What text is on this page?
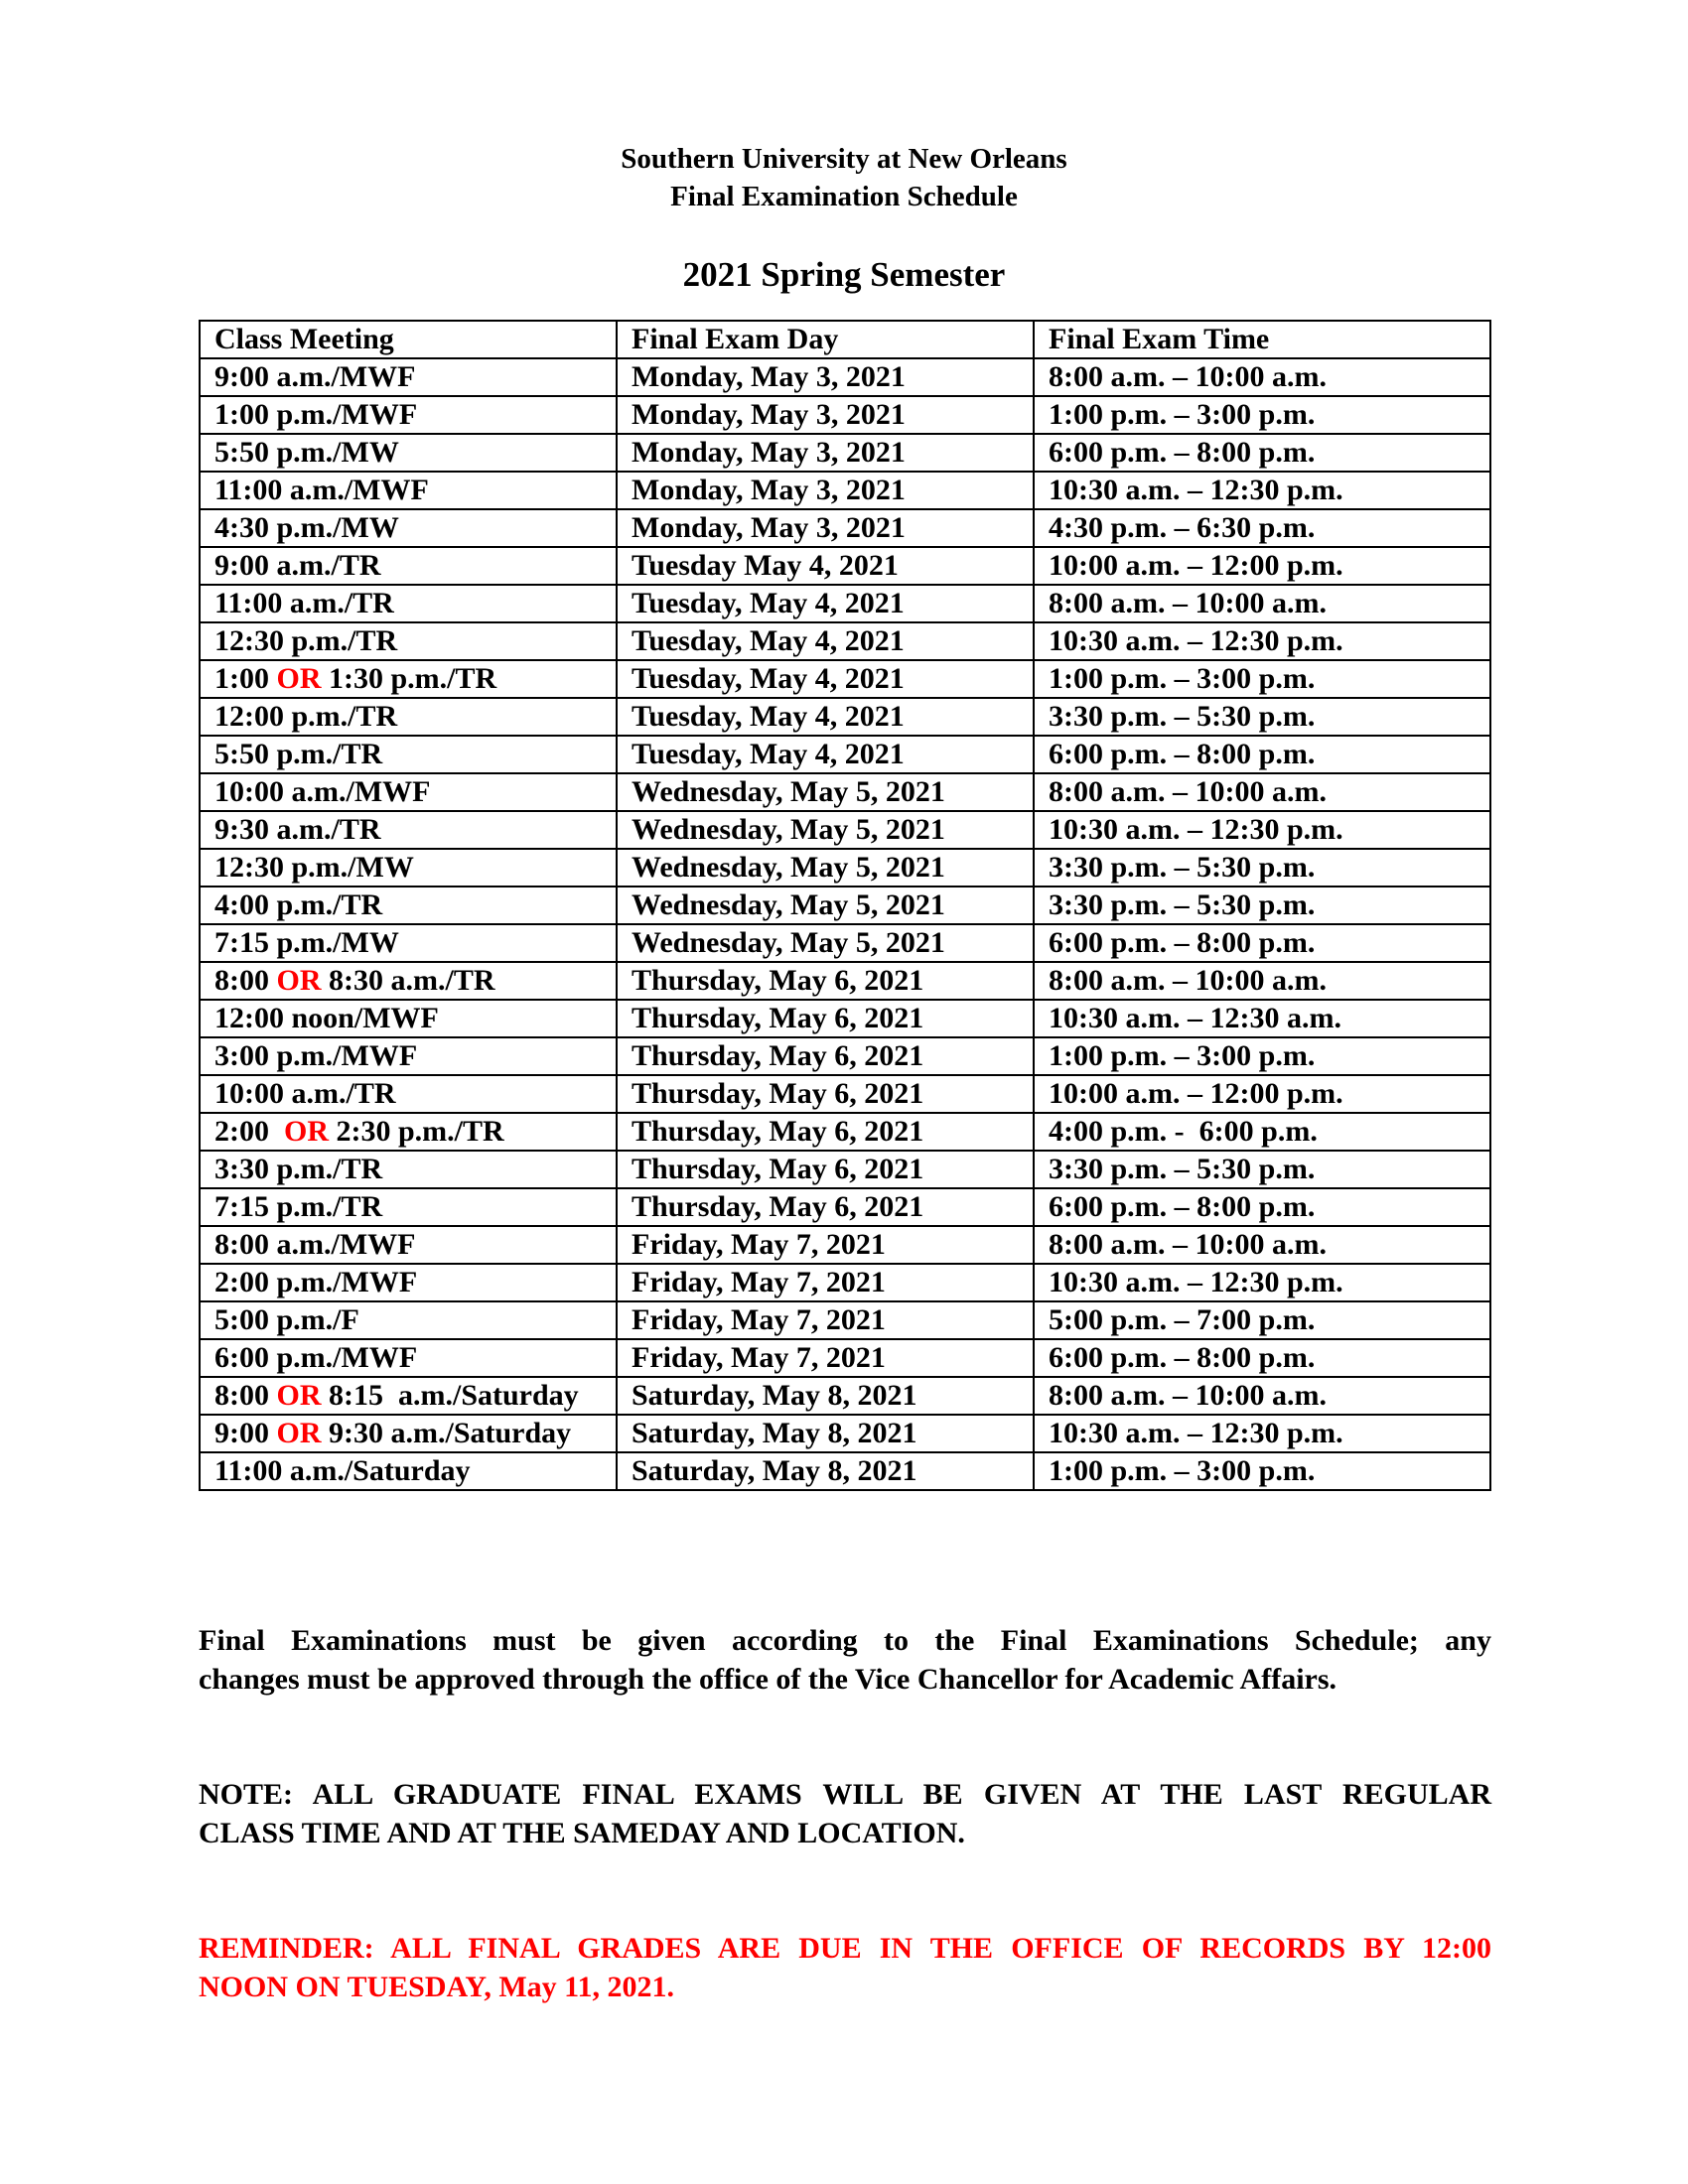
Southern University at New Orleans
Final Examination Schedule
2021 Spring Semester
Class Meeting	Final Exam Day	Final Exam Time
9:00 a.m./MWF	Monday, May 3, 2021	8:00 a.m. – 10:00 a.m.
1:00 p.m./MWF	Monday, May 3, 2021	1:00 p.m. – 3:00 p.m.
5:50 p.m./MW	Monday, May 3, 2021	6:00 p.m. – 8:00 p.m.
11:00 a.m./MWF	Monday, May 3, 2021	10:30 a.m. – 12:30 p.m.
4:30 p.m./MW	Monday, May 3, 2021	4:30 p.m. – 6:30 p.m.
9:00 a.m./TR	Tuesday May 4, 2021	10:00 a.m. – 12:00 p.m.
11:00 a.m./TR	Tuesday, May 4, 2021	8:00 a.m. – 10:00 a.m.
12:30 p.m./TR	Tuesday, May 4, 2021	10:30 a.m. – 12:30 p.m.
1:00 OR 1:30 p.m./TR	Tuesday, May 4, 2021	1:00 p.m. – 3:00 p.m.
12:00 p.m./TR	Tuesday, May 4, 2021	3:30 p.m. – 5:30 p.m.
5:50 p.m./TR	Tuesday, May 4, 2021	6:00 p.m. – 8:00 p.m.
10:00 a.m./MWF	Wednesday, May 5, 2021	8:00 a.m. – 10:00 a.m.
9:30 a.m./TR	Wednesday, May 5, 2021	10:30 a.m. – 12:30 p.m.
12:30 p.m./MW	Wednesday, May 5, 2021	3:30 p.m. – 5:30 p.m.
4:00 p.m./TR	Wednesday, May 5, 2021	3:30 p.m. – 5:30 p.m.
7:15 p.m./MW	Wednesday, May 5, 2021	6:00 p.m. – 8:00 p.m.
8:00 OR 8:30 a.m./TR	Thursday, May 6, 2021	8:00 a.m. – 10:00 a.m.
12:00 noon/MWF	Thursday, May 6, 2021	10:30 a.m. – 12:30 a.m.
3:00 p.m./MWF	Thursday, May 6, 2021	1:00 p.m. – 3:00 p.m.
10:00 a.m./TR	Thursday, May 6, 2021	10:00 a.m. – 12:00 p.m.
2:00  OR 2:30 p.m./TR	Thursday, May 6, 2021	4:00 p.m. -  6:00 p.m.
3:30 p.m./TR	Thursday, May 6, 2021	3:30 p.m. – 5:30 p.m.
7:15 p.m./TR	Thursday, May 6, 2021	6:00 p.m. – 8:00 p.m.
8:00 a.m./MWF	Friday, May 7, 2021	8:00 a.m. – 10:00 a.m.
2:00 p.m./MWF	Friday, May 7, 2021	10:30 a.m. – 12:30 p.m.
5:00 p.m./F	Friday, May 7, 2021	5:00 p.m. – 7:00 p.m.
6:00 p.m./MWF	Friday, May 7, 2021	6:00 p.m. – 8:00 p.m.
8:00 OR 8:15  a.m./Saturday	Saturday, May 8, 2021	8:00 a.m. – 10:00 a.m.
9:00 OR 9:30 a.m./Saturday	Saturday, May 8, 2021	10:30 a.m. – 12:30 p.m.
11:00 a.m./Saturday	Saturday, May 8, 2021	1:00 p.m. – 3:00 p.m.
Final Examinations must be given according to the Final Examinations Schedule; any
changes must be approved through the office of the Vice Chancellor for Academic Affairs.
NOTE: ALL GRADUATE FINAL EXAMS WILL BE GIVEN AT THE LAST REGULAR
CLASS TIME AND AT THE SAMEDAY AND LOCATION.
REMINDER: ALL FINAL GRADES ARE DUE IN THE OFFICE OF RECORDS BY 12:00
NOON ON TUESDAY, May 11, 2021.
